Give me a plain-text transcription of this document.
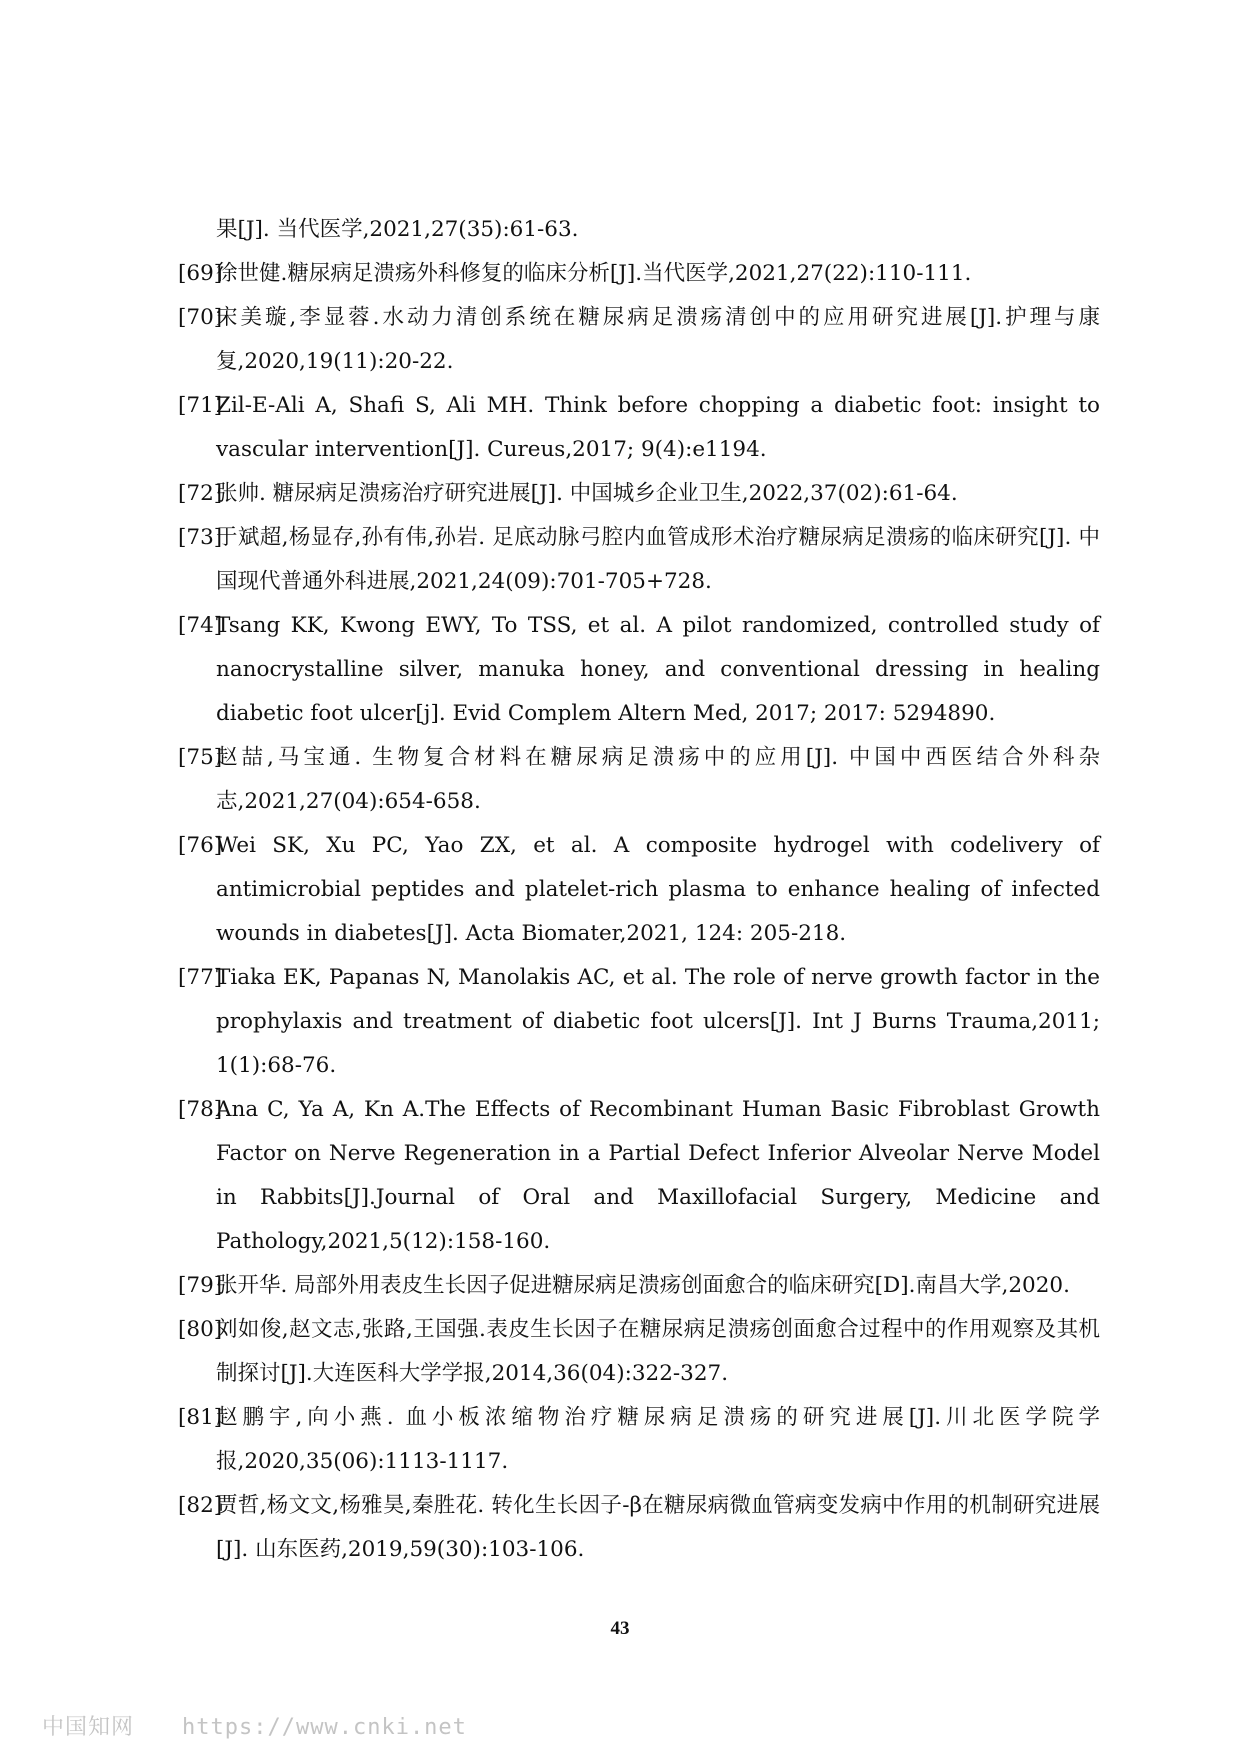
果[J]. 当代医学,2021,27(35):61-63.
[69]
徐世健.糖尿病足溃疡外科修复的临床分析[J].当代医学,2021,27(22):110-111.
[70]
宋美璇,李显蓉.水动力清创系统在糖尿病足溃疡清创中的应用研究进展[J].护理与康复,2020,19(11):20-22.
[71]
Zil-E-Ali A, Shafi S, Ali MH. Think before chopping a diabetic foot: insight to vascular intervention[J]. Cureus,2017; 9(4):e1194.
[72]
张帅. 糖尿病足溃疡治疗研究进展[J]. 中国城乡企业卫生,2022,37(02):61-64.
[73]
于斌超,杨显存,孙有伟,孙岩. 足底动脉弓腔内血管成形术治疗糖尿病足溃疡的临床研究[J]. 中国现代普通外科进展,2021,24(09):701-705+728.
[74]
Tsang KK, Kwong EWY, To TSS, et al. A pilot randomized, controlled study of nanocrystalline silver, manuka honey, and conventional dressing in healing diabetic foot ulcer[j]. Evid Complem Altern Med, 2017; 2017: 5294890.
[75]
赵喆,马宝通. 生物复合材料在糖尿病足溃疡中的应用[J]. 中国中西医结合外科杂志,2021,27(04):654-658.
[76]
Wei SK, Xu PC, Yao ZX, et al. A composite hydrogel with codelivery of antimicrobial peptides and platelet-rich plasma to enhance healing of infected wounds in diabetes[J]. Acta Biomater,2021, 124: 205-218.
[77]
Tiaka EK, Papanas N, Manolakis AC, et al. The role of nerve growth factor in the prophylaxis and treatment of diabetic foot ulcers[J]. Int J Burns Trauma,2011; 1(1):68-76.
[78]
Ana C, Ya A, Kn A.The Effects of Recombinant Human Basic Fibroblast Growth Factor on Nerve Regeneration in a Partial Defect Inferior Alveolar Nerve Model in Rabbits[J].Journal of Oral and Maxillofacial Surgery, Medicine and Pathology,2021,5(12):158-160.
[79]
张开华. 局部外用表皮生长因子促进糖尿病足溃疡创面愈合的临床研究[D].南昌大学,2020.
[80]
刘如俊,赵文志,张路,王国强.表皮生长因子在糖尿病足溃疡创面愈合过程中的作用观察及其机制探讨[J].大连医科大学学报,2014,36(04):322-327.
[81]
赵鹏宇,向小燕. 血小板浓缩物治疗糖尿病足溃疡的研究进展[J].川北医学院学报,2020,35(06):1113-1117.
[82]
贾哲,杨文文,杨雅昊,秦胜花. 转化生长因子-β在糖尿病微血管病变发病中作用的机制研究进展[J]. 山东医药,2019,59(30):103-106.
43
中国知网 https://www.cnki.net
